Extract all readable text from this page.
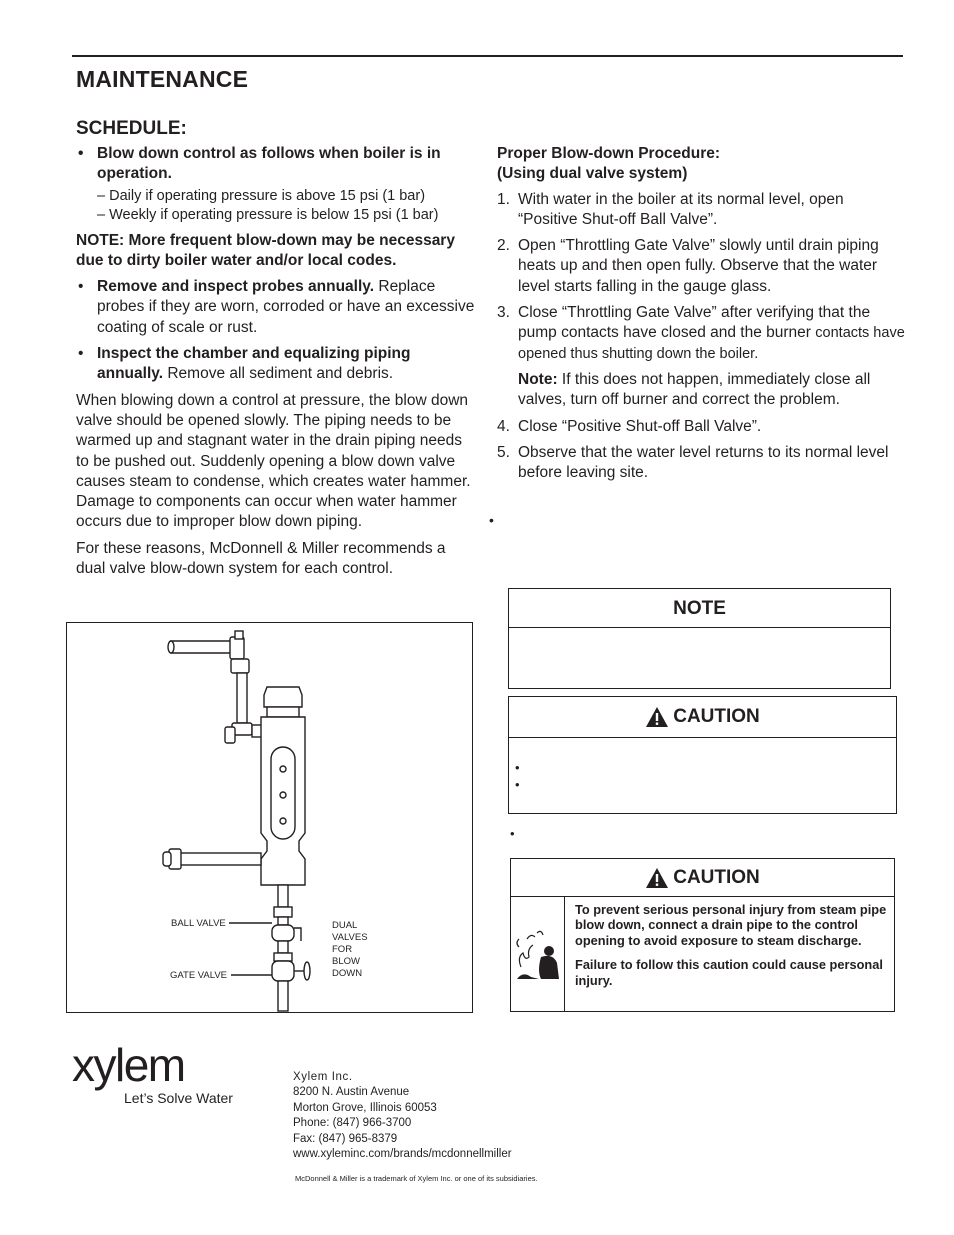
MAINTENANCE
SCHEDULE:
• Blow down control as follows when boiler is in operation.
– Daily if operating pressure is above 15 psi (1 bar)
– Weekly if operating pressure is below 15 psi (1 bar)

NOTE: More frequent blow-down may be necessary due to dirty boiler water and/or local codes.

• Remove and inspect probes annually. Replace probes if they are worn, corroded or have an excessive coating of scale or rust.
• Inspect the chamber and equalizing piping annually. Remove all sediment and debris.

When blowing down a control at pressure, the blow down valve should be opened slowly. The piping needs to be warmed up and stagnant water in the drain piping needs to be pushed out. Suddenly opening a blow down valve causes steam to condense, which creates water hammer. Damage to components can occur when water hammer occurs due to improper blow down piping.

For these reasons, McDonnell & Miller recommends a dual valve blow-down system for each control.

Proper Blow-down Procedure:
(Using dual valve system)
1. With water in the boiler at its normal level, open “Positive Shut-off Ball Valve”.
2. Open “Throttling Gate Valve” slowly until drain piping heats up and then open fully. Observe that the water level starts falling in the gauge glass.
3. Close “Throttling Gate Valve” after verifying that the pump contacts have closed and the burner contacts have opened thus shutting down the boiler.
Note: If this does not happen, immediately close all valves, turn off burner and correct the problem.
4. Close “Positive Shut-off Ball Valve”.
5. Observe that the water level returns to its normal level before leaving site.
•
BALL VALVE
GATE VALVE
DUAL
VALVES
FOR
BLOW
DOWN
NOTE
CAUTION
•
•
•
CAUTION
To prevent serious personal injury from steam pipe blow down, connect a drain pipe to the control opening to avoid exposure to steam discharge.
Failure to follow this caution could cause personal injury.
xylem
Let’s Solve Water
Xylem Inc.
8200 N. Austin Avenue
Morton Grove, Illinois 60053
Phone: (847) 966-3700
Fax: (847) 965-8379
www.xyleminc.com/brands/mcdonnellmiller
McDonnell & Miller is a trademark of Xylem Inc. or one of its subsidiaries.
